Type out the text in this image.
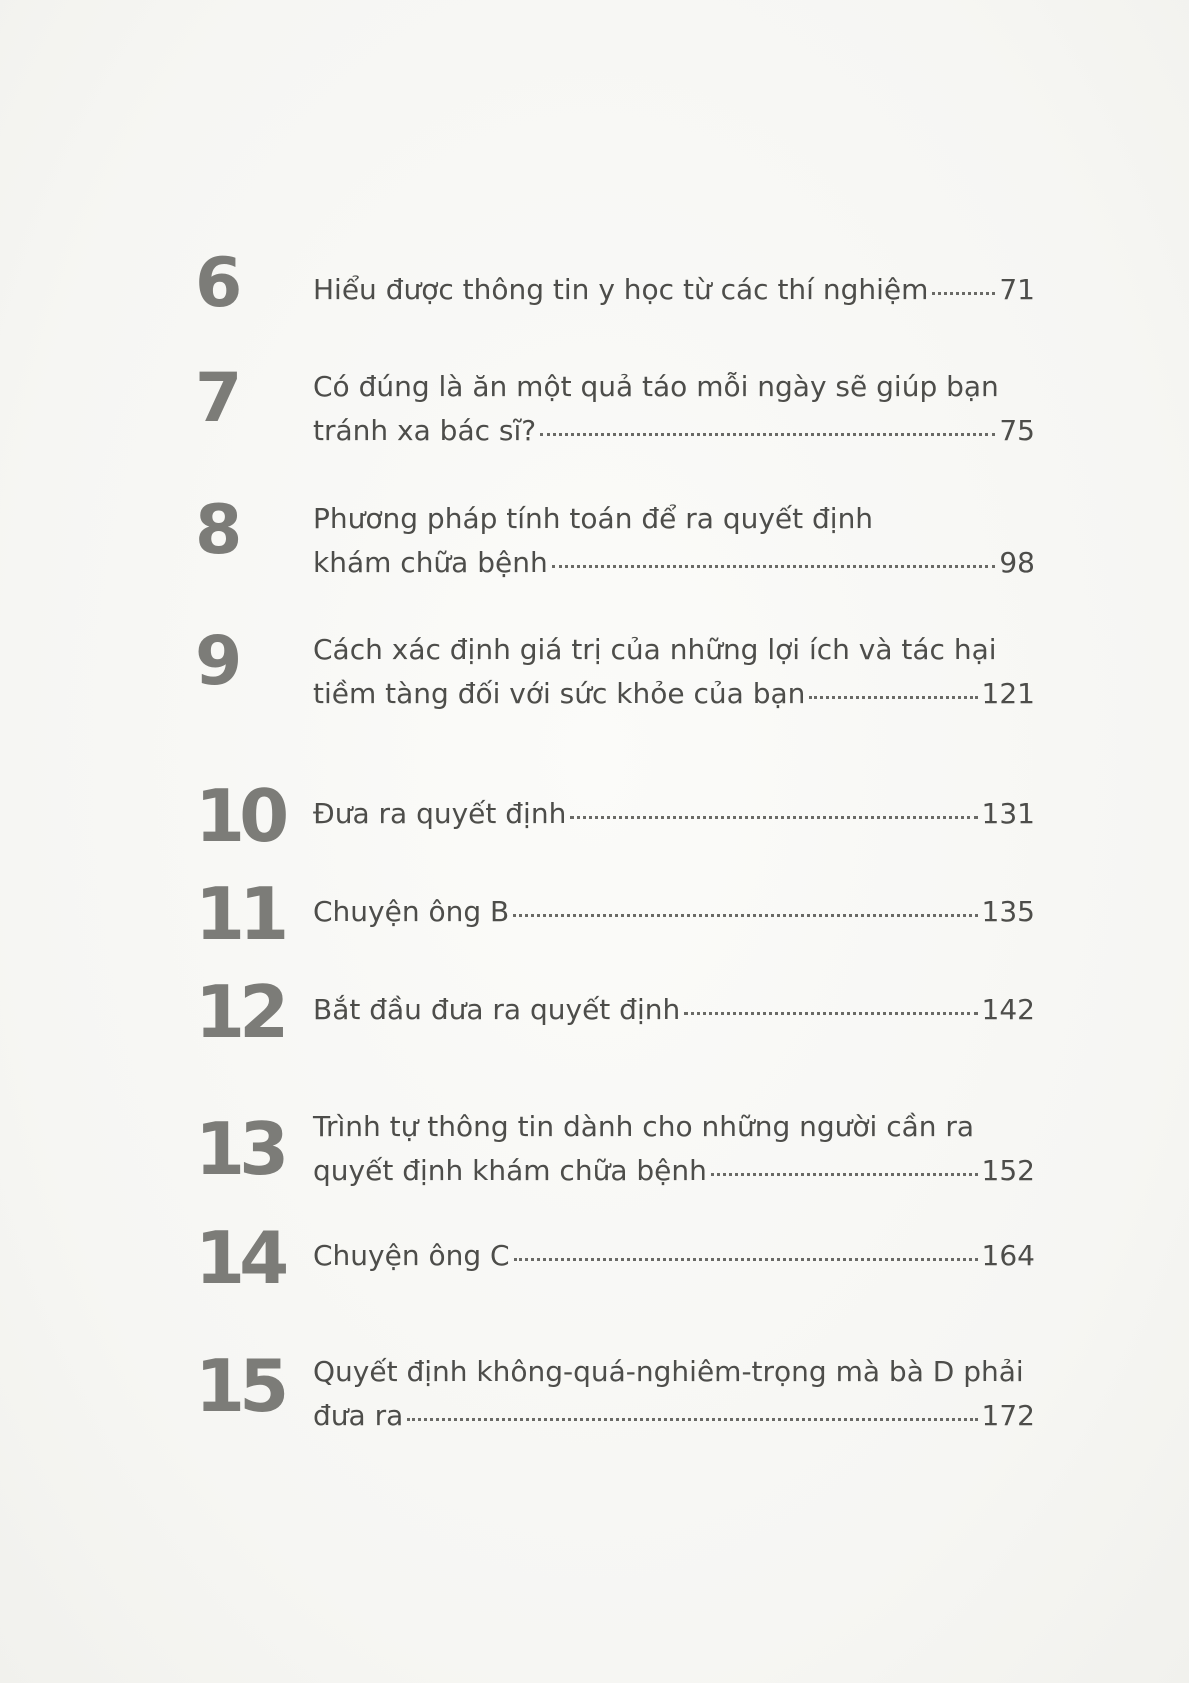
6	Hiểu được thông tin y học từ các thí nghiệm	71
7	Có đúng là ăn một quả táo mỗi ngày sẽ giúp bạn
tránh xa bác sĩ?	75
8	Phương pháp tính toán để ra quyết định
khám chữa bệnh	98
9	Cách xác định giá trị của những lợi ích và tác hại
tiềm tàng đối với sức khỏe của bạn	121
10 Đưa ra quyết định	131
11 Chuyện ông B	135
12 Bắt đầu đưa ra quyết định	142
13 Trình tự thông tin dành cho những người cần ra
quyết định khám chữa bệnh	152
14 Chuyện ông C	164
15 Quyết định không-quá-nghiêm-trọng mà bà D phải
đưa ra	172
